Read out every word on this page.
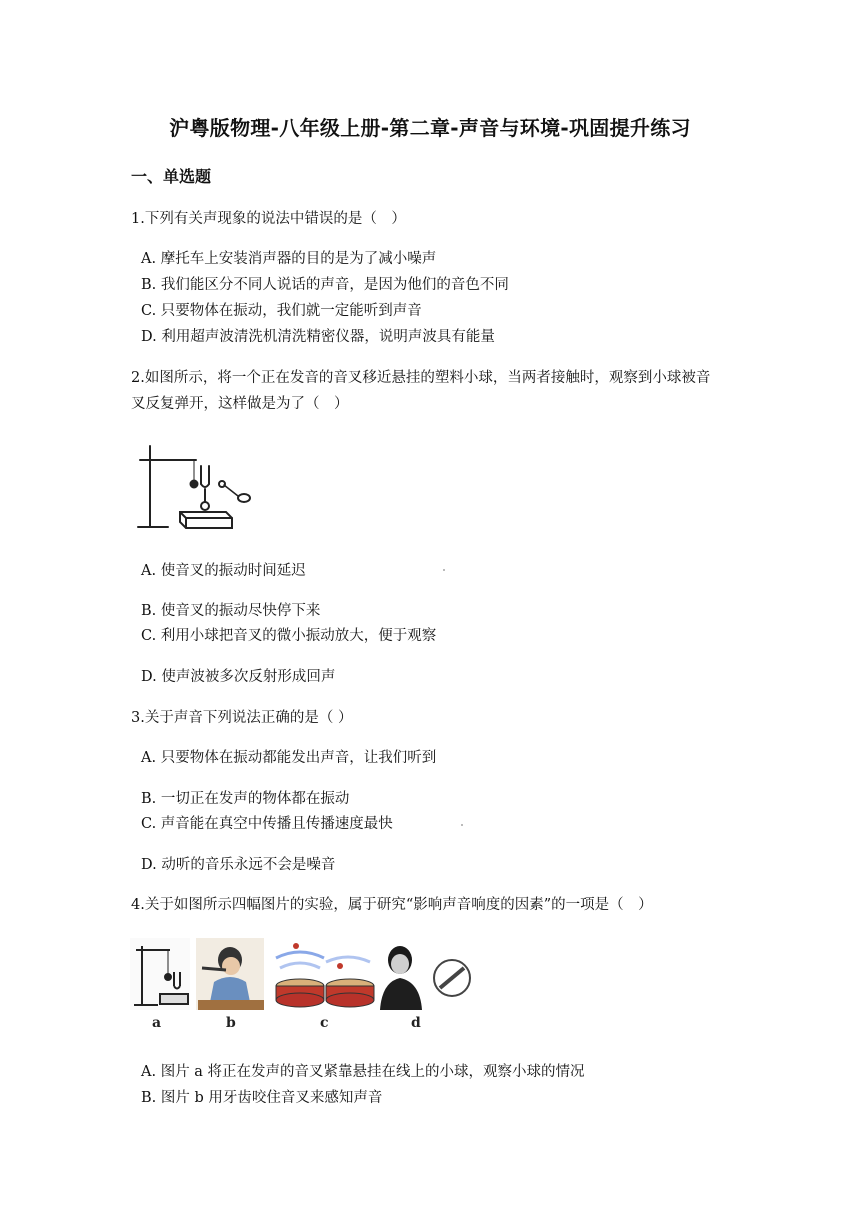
沪粤版物理-八年级上册-第二章-声音与环境-巩固提升练习
一、单选题
1.下列有关声现象的说法中错误的是（　）
A. 摩托车上安装消声器的目的是为了减小噪声
B. 我们能区分不同人说话的声音，是因为他们的音色不同
C. 只要物体在振动，我们就一定能听到声音
D. 利用超声波清洗机清洗精密仪器，说明声波具有能量
2.如图所示，将一个正在发音的音叉移近悬挂的塑料小球，当两者接触时，观察到小球被音
叉反复弹开，这样做是为了（　）
A. 使音叉的振动时间延迟
B. 使音叉的振动尽快停下来
C. 利用小球把音叉的微小振动放大，便于观察
D. 使声波被多次反射形成回声
3.关于声音下列说法正确的是（ ）
A. 只要物体在振动都能发出声音，让我们听到
B. 一切正在发声的物体都在振动
C. 声音能在真空中传播且传播速度最快
D. 动听的音乐永远不会是噪音
4.关于如图所示四幅图片的实验，属于研究“影响声音响度的因素”的一项是（　）
a	b	c	d
A. 图片 a 将正在发声的音叉紧靠悬挂在线上的小球，观察小球的情况
B. 图片 b 用牙齿咬住音叉来感知声音
